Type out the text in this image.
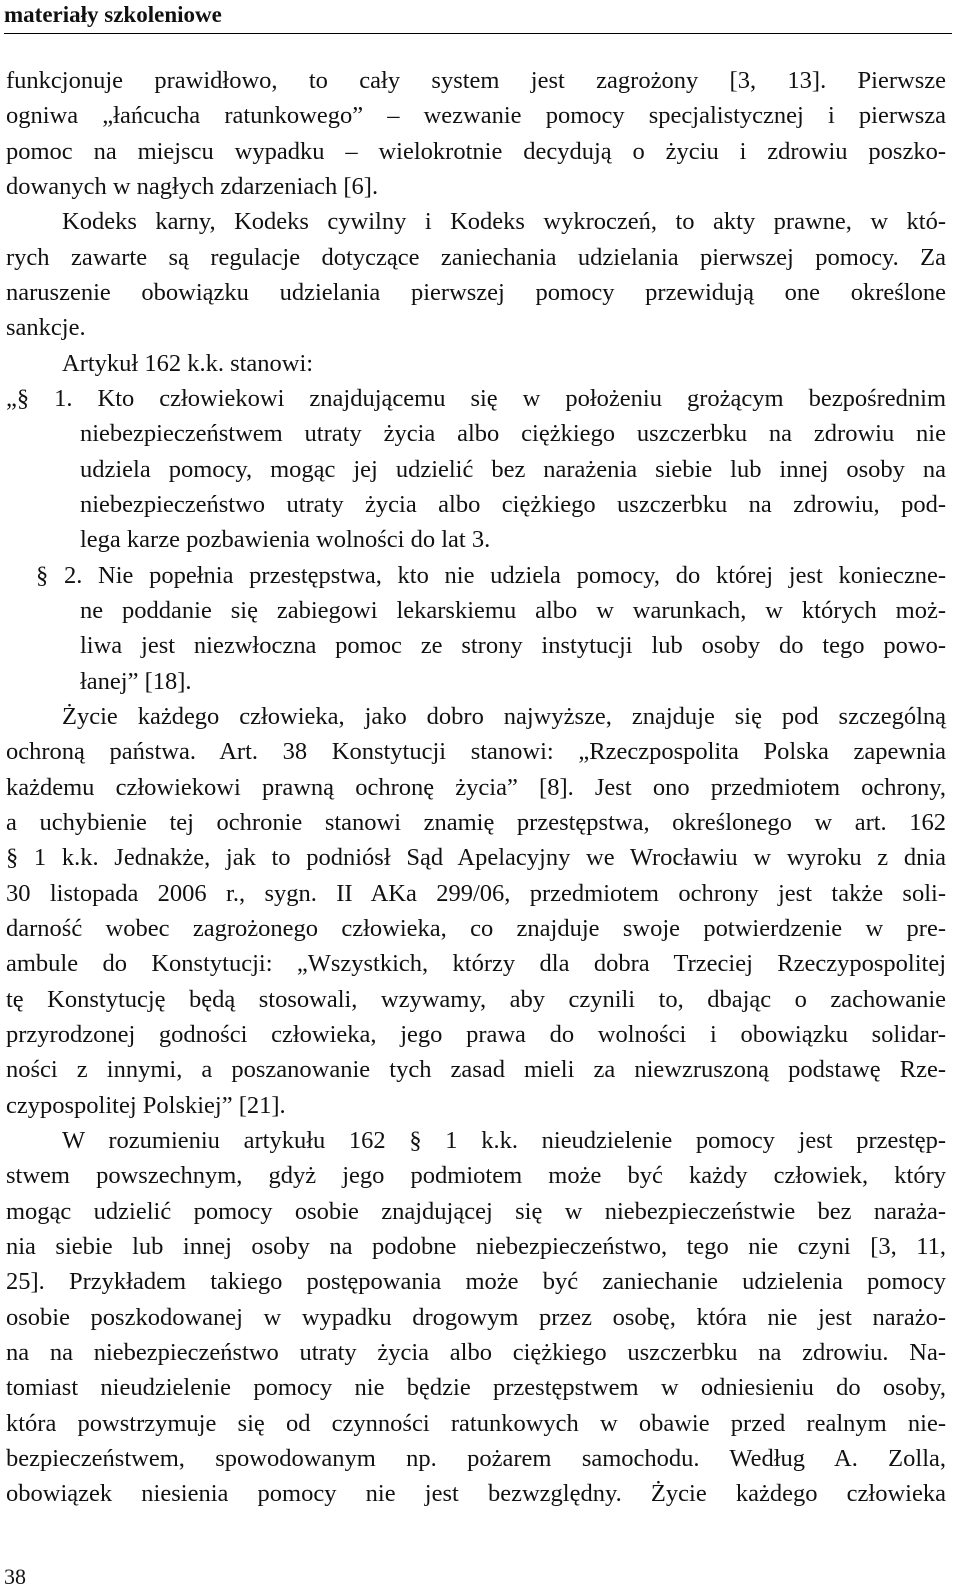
materiały szkoleniowe
funkcjonuje prawidłowo, to cały system jest zagrożony [3, 13]. Pierwsze
ogniwa „łańcucha ratunkowego” – wezwanie pomocy specjalistycznej i pierwsza
pomoc na miejscu wypadku – wielokrotnie decydują o życiu i zdrowiu poszko-
dowanych w nagłych zdarzeniach [6].
Kodeks karny, Kodeks cywilny i Kodeks wykroczeń, to akty prawne, w któ-
rych zawarte są regulacje dotyczące zaniechania udzielania pierwszej pomocy. Za
naruszenie obowiązku udzielania pierwszej pomocy przewidują one określone
sankcje.
Artykuł 162 k.k. stanowi:
„§ 1. Kto człowiekowi znajdującemu się w położeniu grożącym bezpośrednim
niebezpieczeństwem utraty życia albo ciężkiego uszczerbku na zdrowiu nie
udziela pomocy, mogąc jej udzielić bez narażenia siebie lub innej osoby na
niebezpieczeństwo utraty życia albo ciężkiego uszczerbku na zdrowiu, pod-
lega karze pozbawienia wolności do lat 3.
§ 2. Nie popełnia przestępstwa, kto nie udziela pomocy, do której jest konieczne-
ne poddanie się zabiegowi lekarskiemu albo w warunkach, w których moż-
liwa jest niezwłoczna pomoc ze strony instytucji lub osoby do tego powo-
łanej” [18].
Życie każdego człowieka, jako dobro najwyższe, znajduje się pod szczególną
ochroną państwa. Art. 38 Konstytucji stanowi: „Rzeczpospolita Polska zapewnia
każdemu człowiekowi prawną ochronę życia” [8]. Jest ono przedmiotem ochrony,
a uchybienie tej ochronie stanowi znamię przestępstwa, określonego w art. 162
§ 1 k.k. Jednakże, jak to podniósł Sąd Apelacyjny we Wrocławiu w wyroku z dnia
30 listopada 2006 r., sygn. II AKa 299/06, przedmiotem ochrony jest także soli-
darność wobec zagrożonego człowieka, co znajduje swoje potwierdzenie w pre-
ambule do Konstytucji: „Wszystkich, którzy dla dobra Trzeciej Rzeczypospolitej
tę Konstytucję będą stosowali, wzywamy, aby czynili to, dbając o zachowanie
przyrodzonej godności człowieka, jego prawa do wolności i obowiązku solidar-
ności z innymi, a poszanowanie tych zasad mieli za niewzruszoną podstawę Rze-
czypospolitej Polskiej” [21].
W rozumieniu artykułu 162 § 1 k.k. nieudzielenie pomocy jest przestęp-
stwem powszechnym, gdyż jego podmiotem może być każdy człowiek, który
mogąc udzielić pomocy osobie znajdującej się w niebezpieczeństwie bez naraża-
nia siebie lub innej osoby na podobne niebezpieczeństwo, tego nie czyni [3, 11,
25]. Przykładem takiego postępowania może być zaniechanie udzielenia pomocy
osobie poszkodowanej w wypadku drogowym przez osobę, która nie jest narażo-
na na niebezpieczeństwo utraty życia albo ciężkiego uszczerbku na zdrowiu. Na-
tomiast nieudzielenie pomocy nie będzie przestępstwem w odniesieniu do osoby,
która powstrzymuje się od czynności ratunkowych w obawie przed realnym nie-
bezpieczeństwem, spowodowanym np. pożarem samochodu. Według A. Zolla,
obowiązek niesienia pomocy nie jest bezwzględny. Życie każdego człowieka
38
